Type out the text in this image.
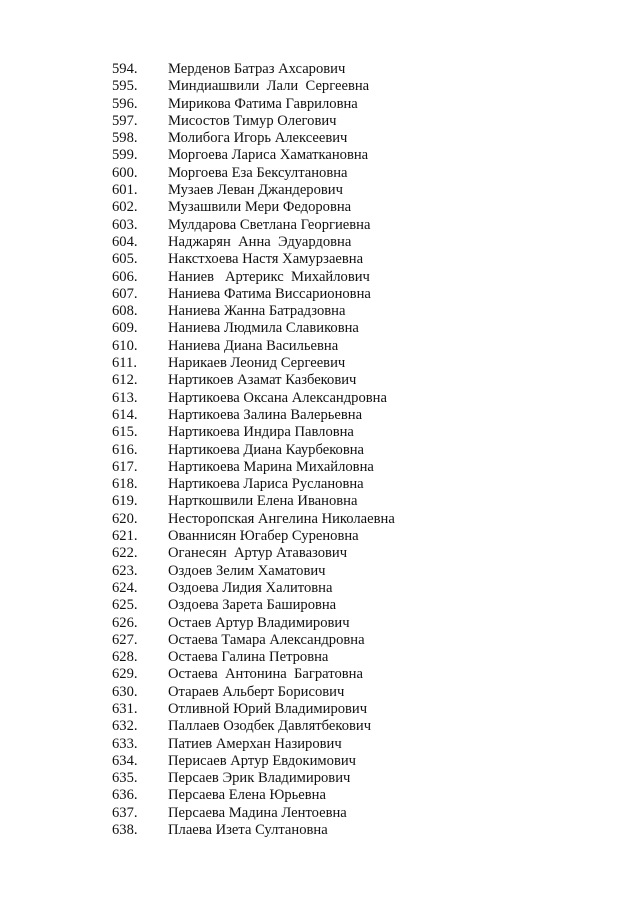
594. Мерденов Батраз Ахсарович
595. Миндиашвили  Лали  Сергеевна
596. Мирикова Фатима Гавриловна
597. Мисостов Тимур Олегович
598. Молибога Игорь Алексеевич
599. Моргоева Лариса Хаматкановна
600. Моргоева Еза Бексултановна
601. Музаев Леван Джандерович
602. Музашвили Мери Федоровна
603. Мулдарова Светлана Георгиевна
604. Наджарян  Анна  Эдуардовна
605. Накстхоева Настя Хамурзаевна
606. Наниев   Артерикс  Михайлович
607. Наниева Фатима Виссарионовна
608. Наниева Жанна Батрадзовна
609. Наниева Людмила Славиковна
610. Наниева Диана Васильевна
611. Нарикаев Леонид Сергеевич
612. Нартикоев Азамат Казбекович
613. Нартикоева Оксана Александровна
614. Нартикоева Залина Валерьевна
615. Нартикоева Индира Павловна
616. Нартикоева Диана Каурбековна
617. Нартикоева Марина Михайловна
618. Нартикоева Лариса Руслановна
619. Нарткошвили Елена Ивановна
620. Несторопская Ангелина Николаевна
621. Ованнисян Югабер Суреновна
622. Оганесян  Артур Атавазович
623. Оздоев Зелим Хаматович
624. Оздоева Лидия Халитовна
625. Оздоева Зарета Башировна
626. Остаев Артур Владимирович
627. Остаева Тамара Александровна
628. Остаева Галина Петровна
629. Остаева  Антонина  Багратовна
630. Отараев Альберт Борисович
631. Отливной Юрий Владимирович
632. Паллаев Озодбек Давлятбекович
633. Патиев Амерхан Назирович
634. Перисаев Артур Евдокимович
635. Персаев Эрик Владимирович
636. Персаева Елена Юрьевна
637. Персаева Мадина Лентоевна
638. Плаева Изета Султановна
